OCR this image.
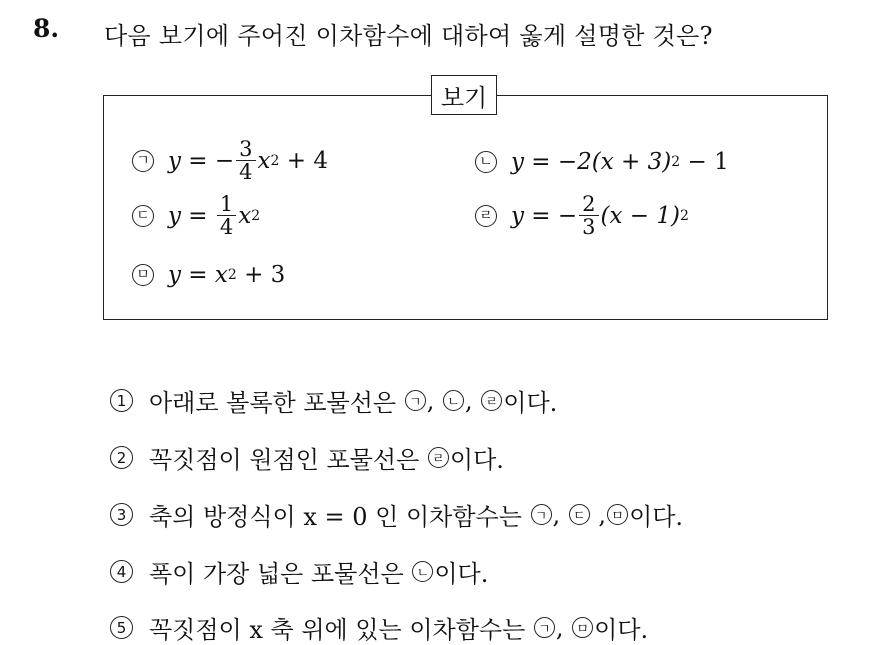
8. 다음 보기에 주어진 이차함수에 대하여 옳게 설명한 것은?
보기
ㄱ y = − $\frac{3}{4}$ x 2 + 4	ㄴ y = −2(x + 3) 2 − 1
ㄷ $y = \frac{1}{4}$ x 2	ㄹ y = − $\frac{2}{3} (x - 1)$ 2
ㅁ y = x 2 + 3
1 아래로 볼록한 포물선은 ㄱ , ㄴ , ㄹ 이다.
2 꼭짓점이 원점인 포물선은 ㄹ 이다.
3 축의 방정식이 x = 0 인 이차함수는 ㄱ , ㄷ , ㅁ 이다.
4 폭이 가장 넓은 포물선은 ㄴ 이다.
5 꼭짓점이 x 축 위에 있는 이차함수는 ㄱ , ㅁ 이다.
